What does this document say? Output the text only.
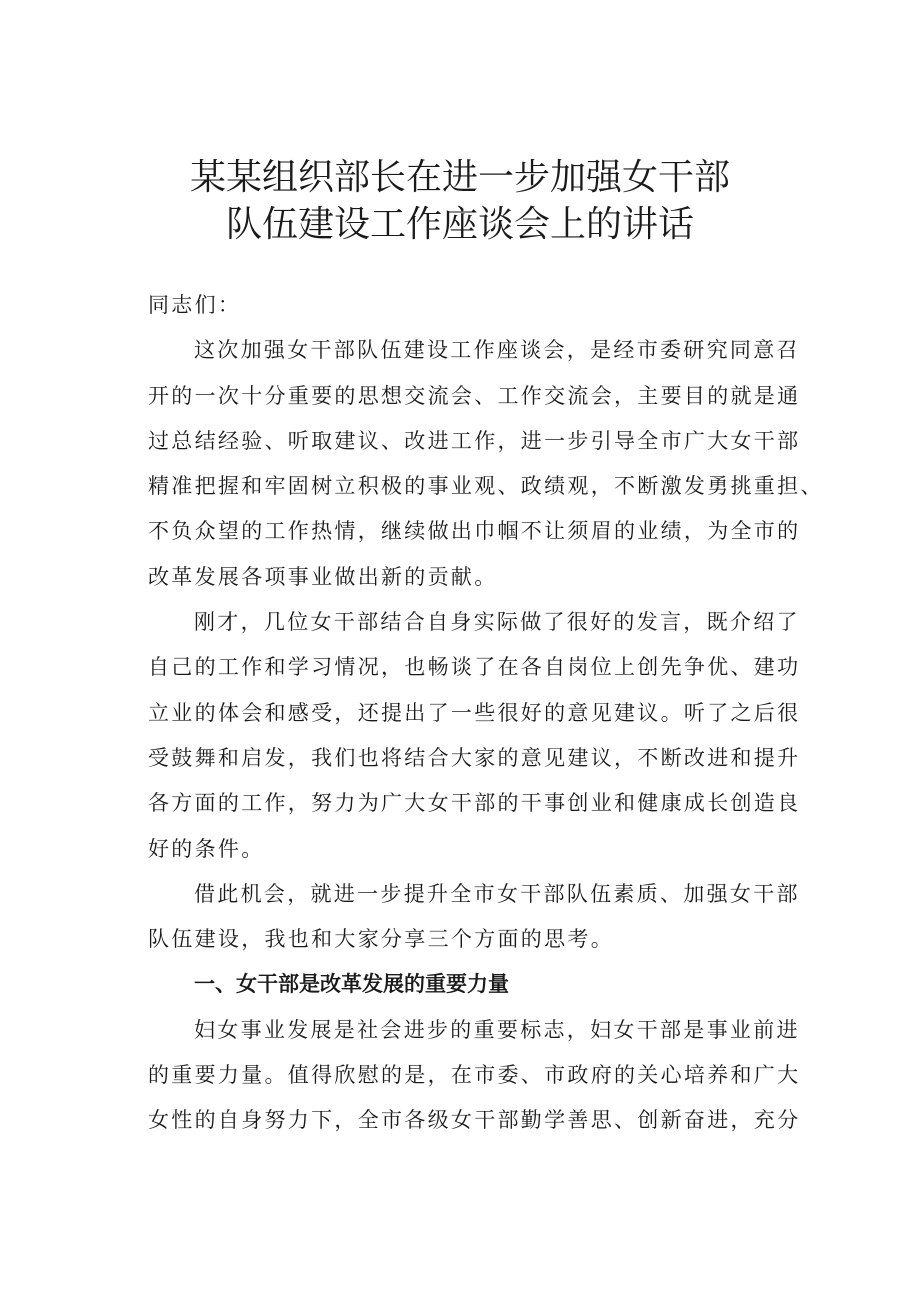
某某组织部长在进一步加强女干部
队伍建设工作座谈会上的讲话
同志们：
这次加强女干部队伍建设工作座谈会，是经市委研究同意召
开的一次十分重要的思想交流会、工作交流会，主要目的就是通
过总结经验、听取建议、改进工作，进一步引导全市广大女干部
精准把握和牢固树立积极的事业观、政绩观，不断激发勇挑重担、
不负众望的工作热情，继续做出巾帼不让须眉的业绩，为全市的
改革发展各项事业做出新的贡献。
刚才，几位女干部结合自身实际做了很好的发言，既介绍了
自己的工作和学习情况，也畅谈了在各自岗位上创先争优、建功
立业的体会和感受，还提出了一些很好的意见建议。听了之后很
受鼓舞和启发，我们也将结合大家的意见建议，不断改进和提升
各方面的工作，努力为广大女干部的干事创业和健康成长创造良
好的条件。
借此机会，就进一步提升全市女干部队伍素质、加强女干部
队伍建设，我也和大家分享三个方面的思考。
一、女干部是改革发展的重要力量
妇女事业发展是社会进步的重要标志，妇女干部是事业前进
的重要力量。值得欣慰的是，在市委、市政府的关心培养和广大
女性的自身努力下，全市各级女干部勤学善思、创新奋进，充分
